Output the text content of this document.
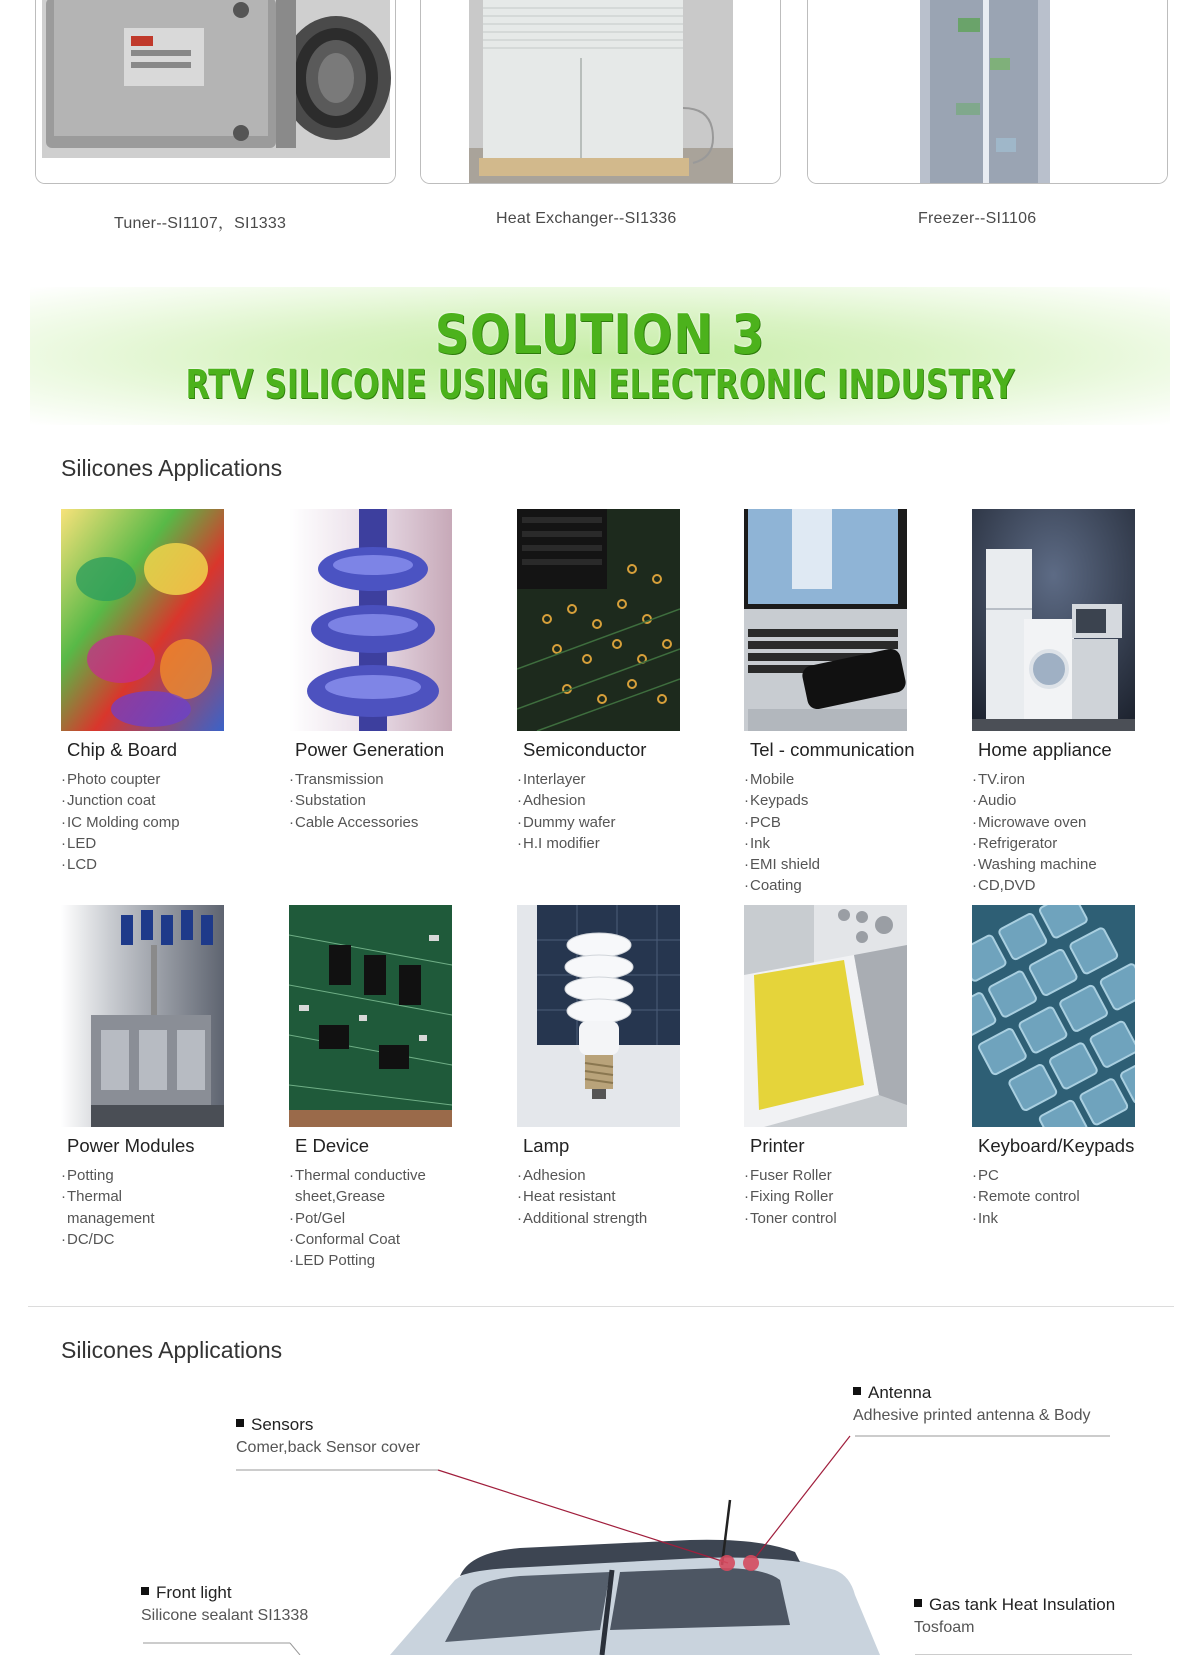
Tuner--SI1107，SI1333	Heat Exchanger--SI1336	Freezer--SI1106
SOLUTION 3
RTV SILICONE USING IN ELECTRONIC INDUSTRY
Silicones Applications
Chip & Board
· Photo coupter
· Junction coat
· IC Molding comp
· LED
· LCD
Power Generation
· Transmission
· Substation
· Cable Accessories
Semiconductor
· Interlayer
· Adhesion
· Dummy wafer
· H.I modifier
Tel - communication
· Mobile
· Keypads
· PCB
· Ink
· EMI shield
· Coating
Home appliance
· TV.iron
· Audio
· Microwave oven
· Refrigerator
· Washing machine
· CD,DVD
Power Modules
· Potting
· Thermal management
· DC/DC
E Device
· Thermal conductive sheet,Grease
· Pot/Gel
· Conformal Coat
· LED Potting
Lamp
· Adhesion
· Heat resistant
· Additional strength
Printer
· Fuser Roller
· Fixing Roller
· Toner control
Keyboard/Keypads
· PC
· Remote control
· Ink
Silicones Applications
Antenna
Adhesive printed antenna & Body
Sensors
Comer,back Sensor cover
Front light
Silicone sealant SI1338
Gas tank Heat Insulation
Tosfoam
